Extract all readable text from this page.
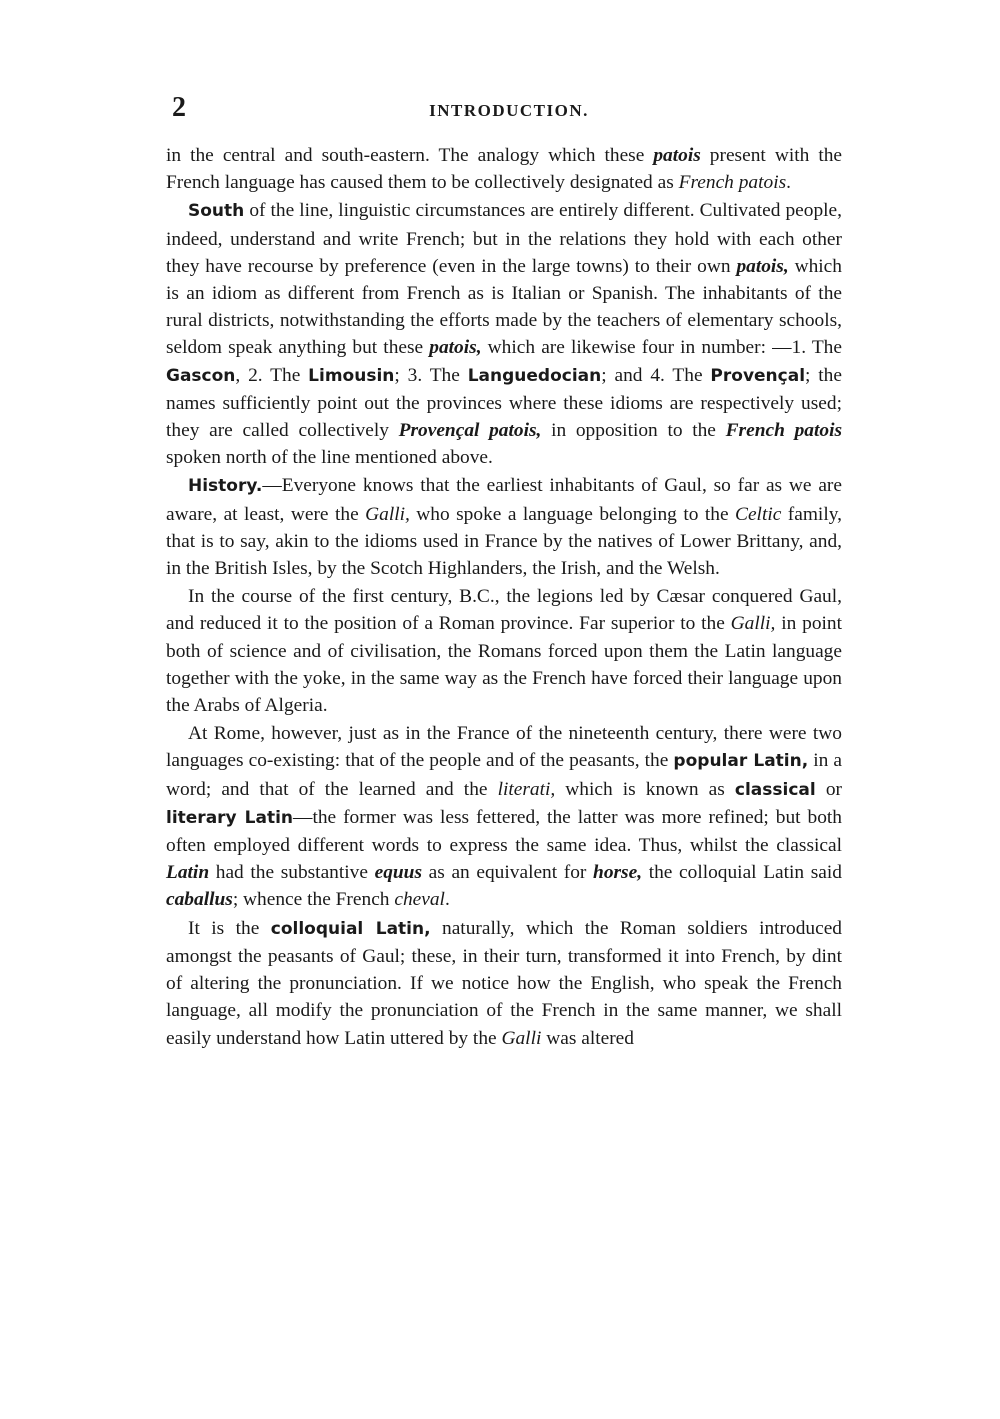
2	INTRODUCTION.

in the central and south-eastern. The analogy which these patois present with the French language has caused them to be collectively designated as French patois.

South of the line, linguistic circumstances are entirely different. Cultivated people, indeed, understand and write French; but in the relations they hold with each other they have recourse by preference (even in the large towns) to their own patois, which is an idiom as different from French as is Italian or Spanish. The inhabitants of the rural districts, notwithstanding the efforts made by the teachers of elementary schools, seldom speak anything but these patois, which are likewise four in number: —1. The Gascon, 2. The Limousin; 3. The Languedocian; and 4. The Provençal; the names sufficiently point out the provinces where these idioms are respectively used; they are called collectively Provençal patois, in opposition to the French patois spoken north of the line mentioned above.

History.—Everyone knows that the earliest inhabitants of Gaul, so far as we are aware, at least, were the Galli, who spoke a language belonging to the Celtic family, that is to say, akin to the idioms used in France by the natives of Lower Brittany, and, in the British Isles, by the Scotch Highlanders, the Irish, and the Welsh.

In the course of the first century, B.C., the legions led by Cæsar conquered Gaul, and reduced it to the position of a Roman province. Far superior to the Galli, in point both of science and of civilisation, the Romans forced upon them the Latin language together with the yoke, in the same way as the French have forced their language upon the Arabs of Algeria.

At Rome, however, just as in the France of the nineteenth century, there were two languages co-existing: that of the people and of the peasants, the popular Latin, in a word; and that of the learned and the literati, which is known as classical or literary Latin—the former was less fettered, the latter was more refined; but both often employed different words to express the same idea. Thus, whilst the classical Latin had the substantive equus as an equivalent for horse, the colloquial Latin said caballus; whence the French cheval.

It is the colloquial Latin, naturally, which the Roman soldiers introduced amongst the peasants of Gaul; these, in their turn, transformed it into French, by dint of altering the pronunciation. If we notice how the English, who speak the French language, all modify the pronunciation of the French in the same manner, we shall easily understand how Latin uttered by the Galli was altered
